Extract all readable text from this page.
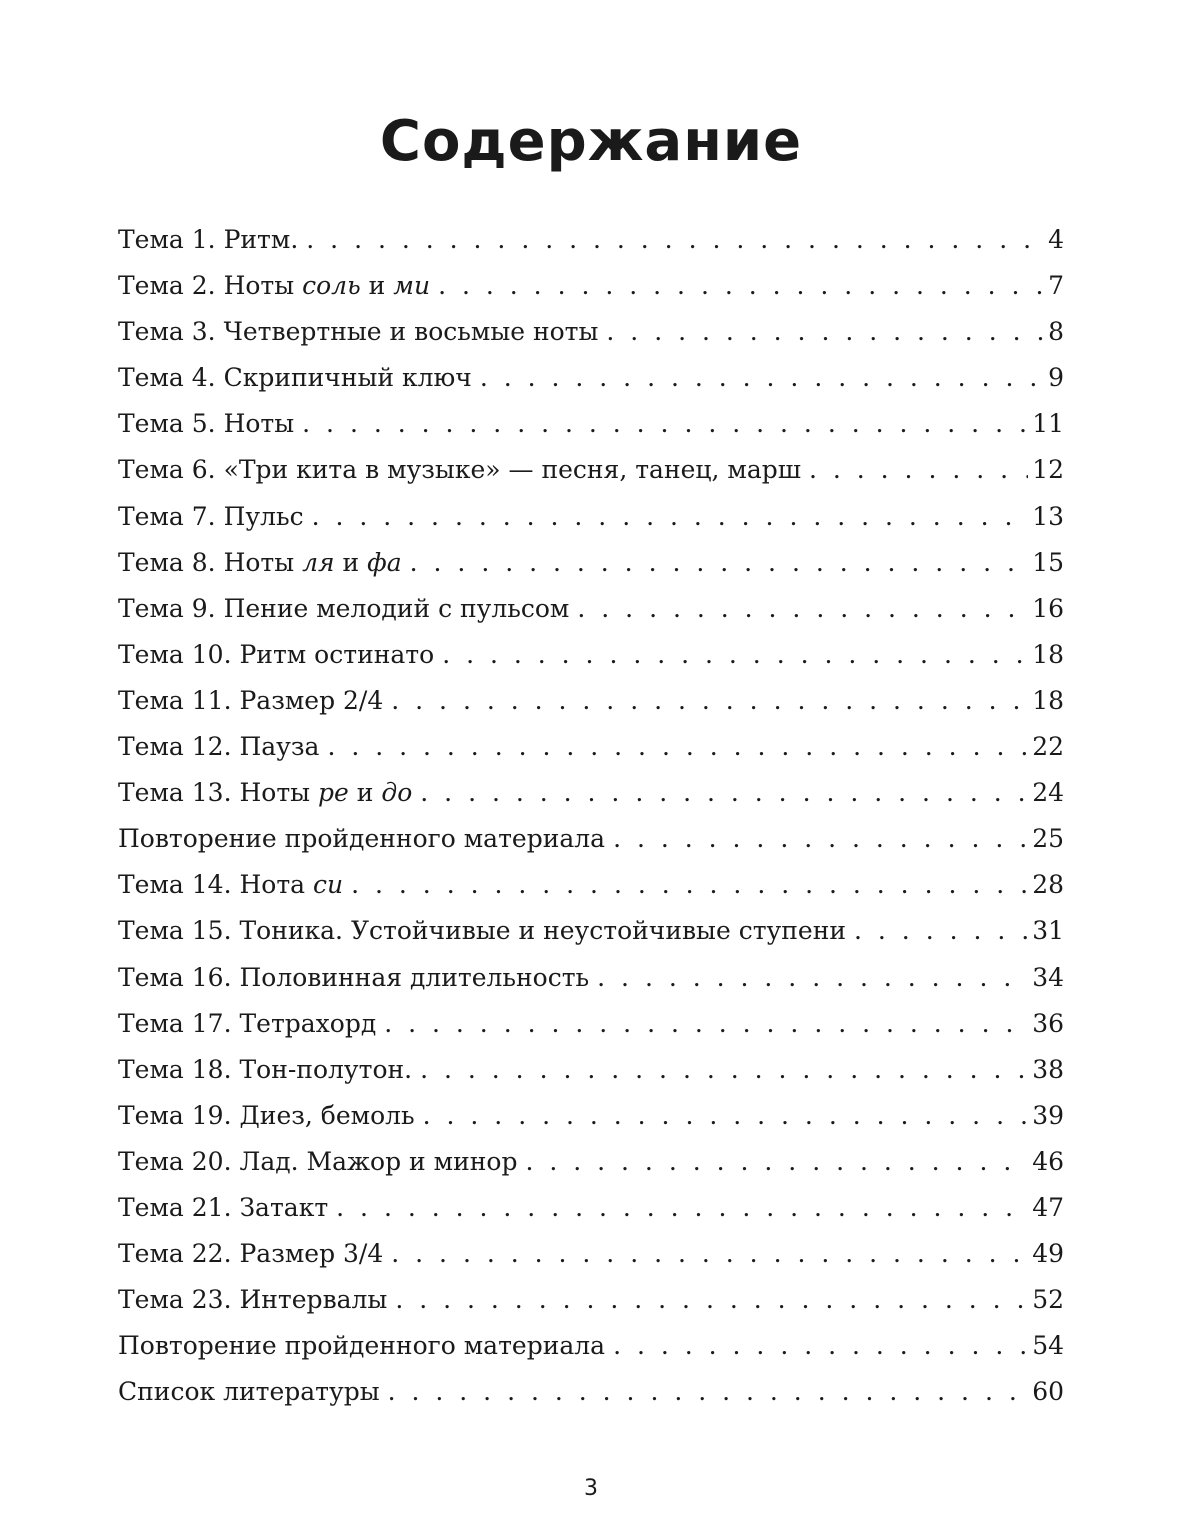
Содержание
Тема 1. Ритм. . . .	4
Тема 2. Ноты соль и ми . . .	7
Тема 3. Четвертные и восьмые ноты . . .	8
Тема 4. Скрипичный ключ . . .	9
Тема 5. Ноты . . .	11
Тема 6. «Три кита в музыке» — песня, танец, марш . . .	12
Тема 7. Пульс . . .	13
Тема 8. Ноты ля и фа . . .	15
Тема 9. Пение мелодий с пульсом . . .	16
Тема 10. Ритм остинато . . .	18
Тема 11. Размер 2/4 . . .	18
Тема 12. Пауза . . .	22
Тема 13. Ноты ре и до . . .	24
Повторение пройденного материала . . .	25
Тема 14. Нота си . . .	28
Тема 15. Тоника. Устойчивые и неустойчивые ступени . . .	31
Тема 16. Половинная длительность . . .	34
Тема 17. Тетрахорд . . .	36
Тема 18. Тон-полутон. . . .	38
Тема 19. Диез, бемоль . . .	39
Тема 20. Лад. Мажор и минор . . .	46
Тема 21. Затакт . . .	47
Тема 22. Размер 3/4 . . .	49
Тема 23. Интервалы . . .	52
Повторение пройденного материала . . .	54
Список литературы . . .	60
3
